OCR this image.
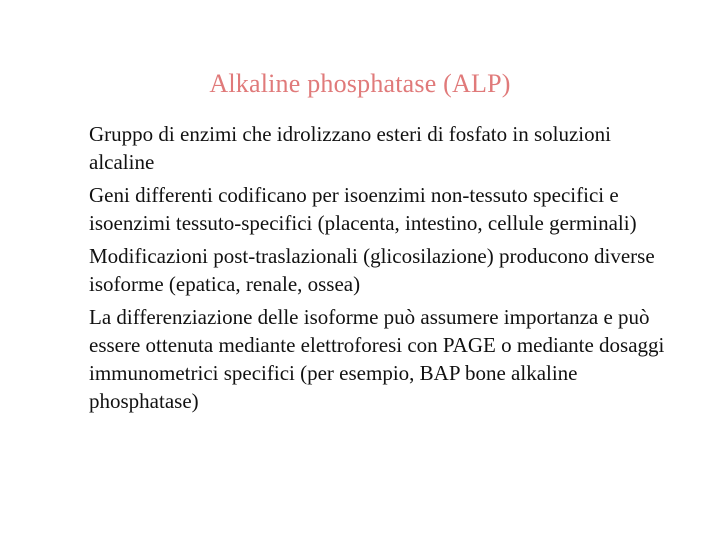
Alkaline phosphatase (ALP)
Gruppo di enzimi che idrolizzano esteri di fosfato in soluzioni alcaline
Geni differenti codificano per isoenzimi non-tessuto specifici e isoenzimi tessuto-specifici (placenta, intestino, cellule germinali)
Modificazioni post-traslazionali (glicosilazione) producono diverse isoforme (epatica, renale, ossea)
La differenziazione delle isoforme può assumere importanza e può essere ottenuta mediante elettroforesi con PAGE o mediante dosaggi immunometrici specifici (per esempio, BAP bone alkaline phosphatase)
